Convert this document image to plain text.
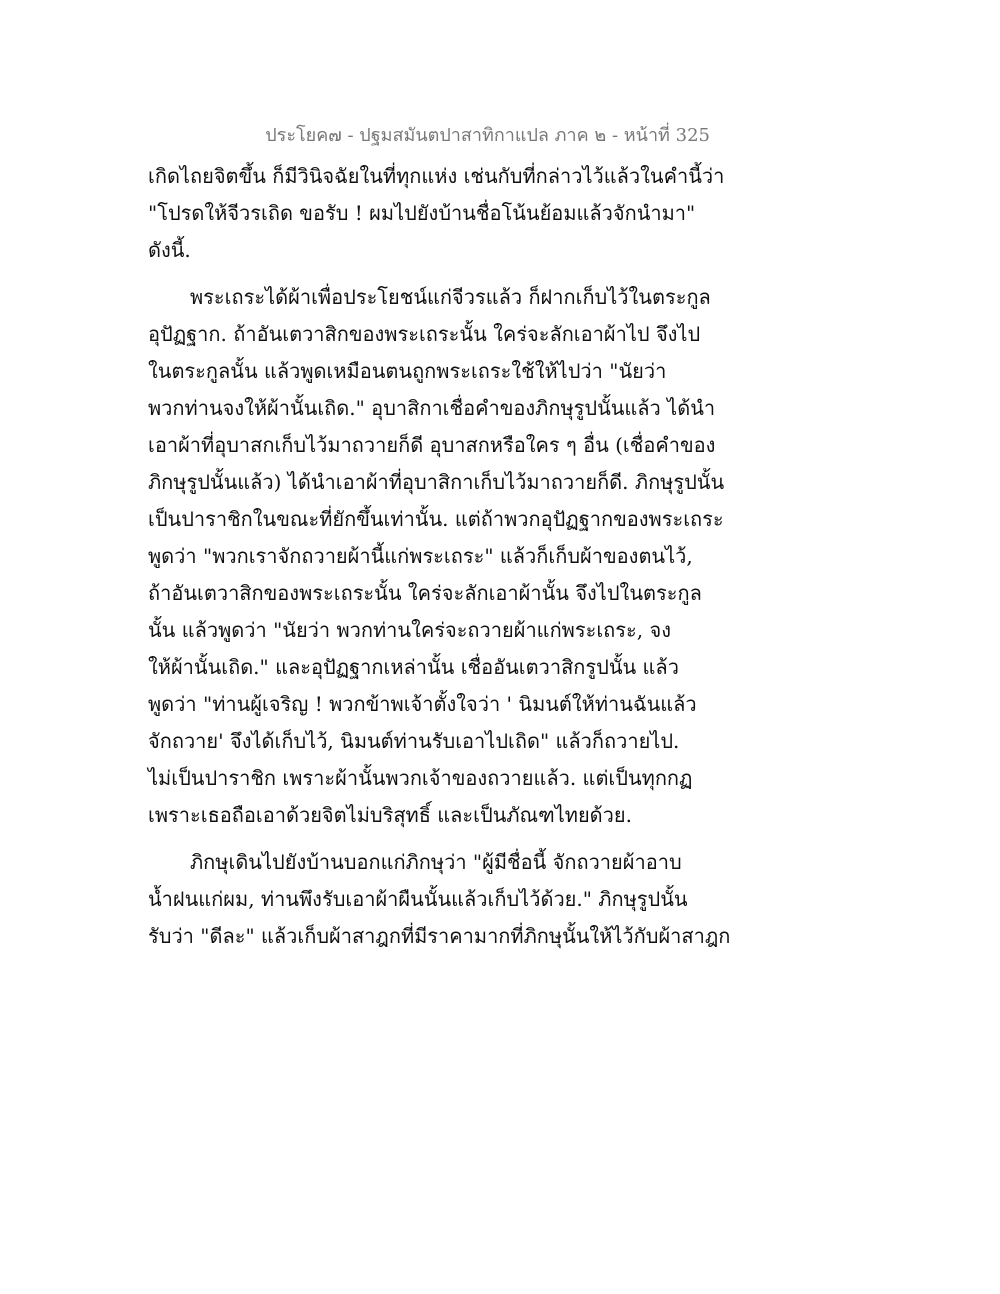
ประโยค๗ - ปฐมสมันตปาสาทิกาแปล ภาค ๒ - หน้าที่ 325
เกิดไถยจิตขึ้น ก็มีวินิจฉัยในที่ทุกแห่ง เช่นกับที่กล่าวไว้แล้วในคำนี้ว่า
"โปรดให้จีวรเถิด ขอรับ ! ผมไปยังบ้านชื่อโน้นย้อมแล้วจักนำมา"
ดังนี้.
พระเถระได้ผ้าเพื่อประโยชน์แก่จีวรแล้ว ก็ฝากเก็บไว้ในตระกูล
อุปัฏฐาก. ถ้าอันเตวาสิกของพระเถระนั้น ใคร่จะลักเอาผ้าไป จึงไป
ในตระกูลนั้น แล้วพูดเหมือนตนถูกพระเถระใช้ให้ไปว่า "นัยว่า
พวกท่านจงให้ผ้านั้นเถิด." อุบาสิกาเชื่อคำของภิกษุรูปนั้นแล้ว ได้นำ
เอาผ้าที่อุบาสกเก็บไว้มาถวายก็ดี อุบาสกหรือใคร ๆ อื่น (เชื่อคำของ
ภิกษุรูปนั้นแล้ว) ได้นำเอาผ้าที่อุบาสิกาเก็บไว้มาถวายก็ดี. ภิกษุรูปนั้น
เป็นปาราชิกในขณะที่ยักขึ้นเท่านั้น. แต่ถ้าพวกอุปัฏฐากของพระเถระ
พูดว่า "พวกเราจักถวายผ้านี้แก่พระเถระ" แล้วก็เก็บผ้าของตนไว้,
ถ้าอันเตวาสิกของพระเถระนั้น ใคร่จะลักเอาผ้านั้น จึงไปในตระกูล
นั้น แล้วพูดว่า "นัยว่า พวกท่านใคร่จะถวายผ้าแก่พระเถระ, จง
ให้ผ้านั้นเถิด." และอุปัฏฐากเหล่านั้น เชื่ออันเตวาสิกรูปนั้น แล้ว
พูดว่า "ท่านผู้เจริญ ! พวกข้าพเจ้าตั้งใจว่า ' นิมนต์ให้ท่านฉันแล้ว
จักถวาย' จึงได้เก็บไว้, นิมนต์ท่านรับเอาไปเถิด" แล้วก็ถวายไป.
ไม่เป็นปาราชิก เพราะผ้านั้นพวกเจ้าของถวายแล้ว. แต่เป็นทุกกฏ
เพราะเธอถือเอาด้วยจิตไม่บริสุทธิ์ และเป็นภัณฑไทยด้วย.
ภิกษุเดินไปยังบ้านบอกแก่ภิกษุว่า "ผู้มีชื่อนี้ จักถวายผ้าอาบ
น้ำฝนแก่ผม, ท่านพึงรับเอาผ้าผืนนั้นแล้วเก็บไว้ด้วย." ภิกษุรูปนั้น
รับว่า "ดีละ" แล้วเก็บผ้าสาฎกที่มีราคามากที่ภิกษุนั้นให้ไว้กับผ้าสาฎก
